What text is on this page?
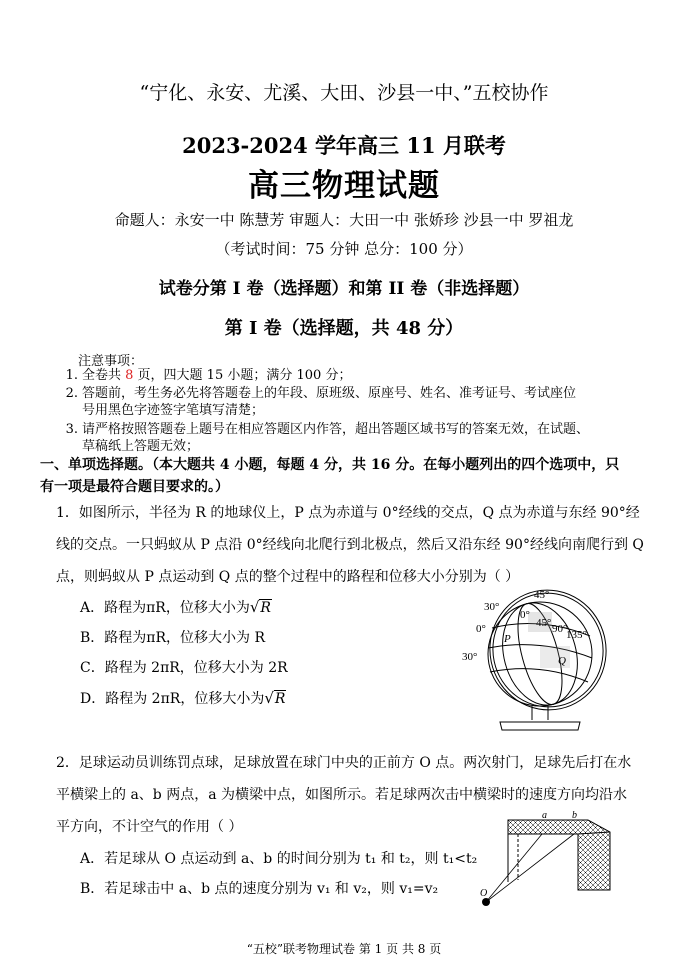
“宁化、永安、尤溪、大田、沙县一中、”五校协作
2023-2024 学年高三 11 月联考
高三物理试题
命题人：永安一中 陈慧芳 审题人：大田一中 张娇珍 沙县一中 罗祖龙
（考试时间：75 分钟 总分：100 分）
试卷分第 I 卷（选择题）和第 II 卷（非选择题）
第 I 卷（选择题，共 48 分）
注意事项：
1. 全卷共 8 页，四大题 15 小题；满分 100 分；
2. 答题前，考生务必先将答题卷上的年段、原班级、原座号、姓名、准考证号、考试座位
号用黑色字迹签字笔填写清楚；
3. 请严格按照答题卷上题号在相应答题区内作答，超出答题区域书写的答案无效，在试题、
草稿纸上答题无效；
一、单项选择题。（本大题共 4 小题，每题 4 分，共 16 分。在每小题列出的四个选项中，只
有一项是最符合题目要求的。）
1．如图所示，半径为 R 的地球仪上，P 点为赤道与 0°经线的交点，Q 点为赤道与东经 90°经
线的交点。一只蚂蚁从 P 点沿 0°经线向北爬行到北极点，然后又沿东经 90°经线向南爬行到 Q
点，则蚂蚁从 P 点运动到 Q 点的整个过程中的路程和位移大小分别为（ ）
A．路程为πR，位移大小为√R
B．路程为πR，位移大小为 R
C．路程为 2πR，位移大小为 2R
D．路程为 2πR，位移大小为√R
45°
30°
0°
45° 90°
135°
0°
P
Q
30°
2．足球运动员训练罚点球，足球放置在球门中央的正前方 O 点。两次射门，足球先后打在水
平横梁上的 a、b 两点，a 为横梁中点，如图所示。若足球两次击中横梁时的速度方向均沿水
平方向，不计空气的作用（ ）
A．若足球从 O 点运动到 a、b 的时间分别为 t₁ 和 t₂，则 t₁<t₂
B．若足球击中 a、b 点的速度分别为 v₁ 和 v₂，则 v₁=v₂
a	b
O
“五校”联考物理试卷 第 1 页 共 8 页
